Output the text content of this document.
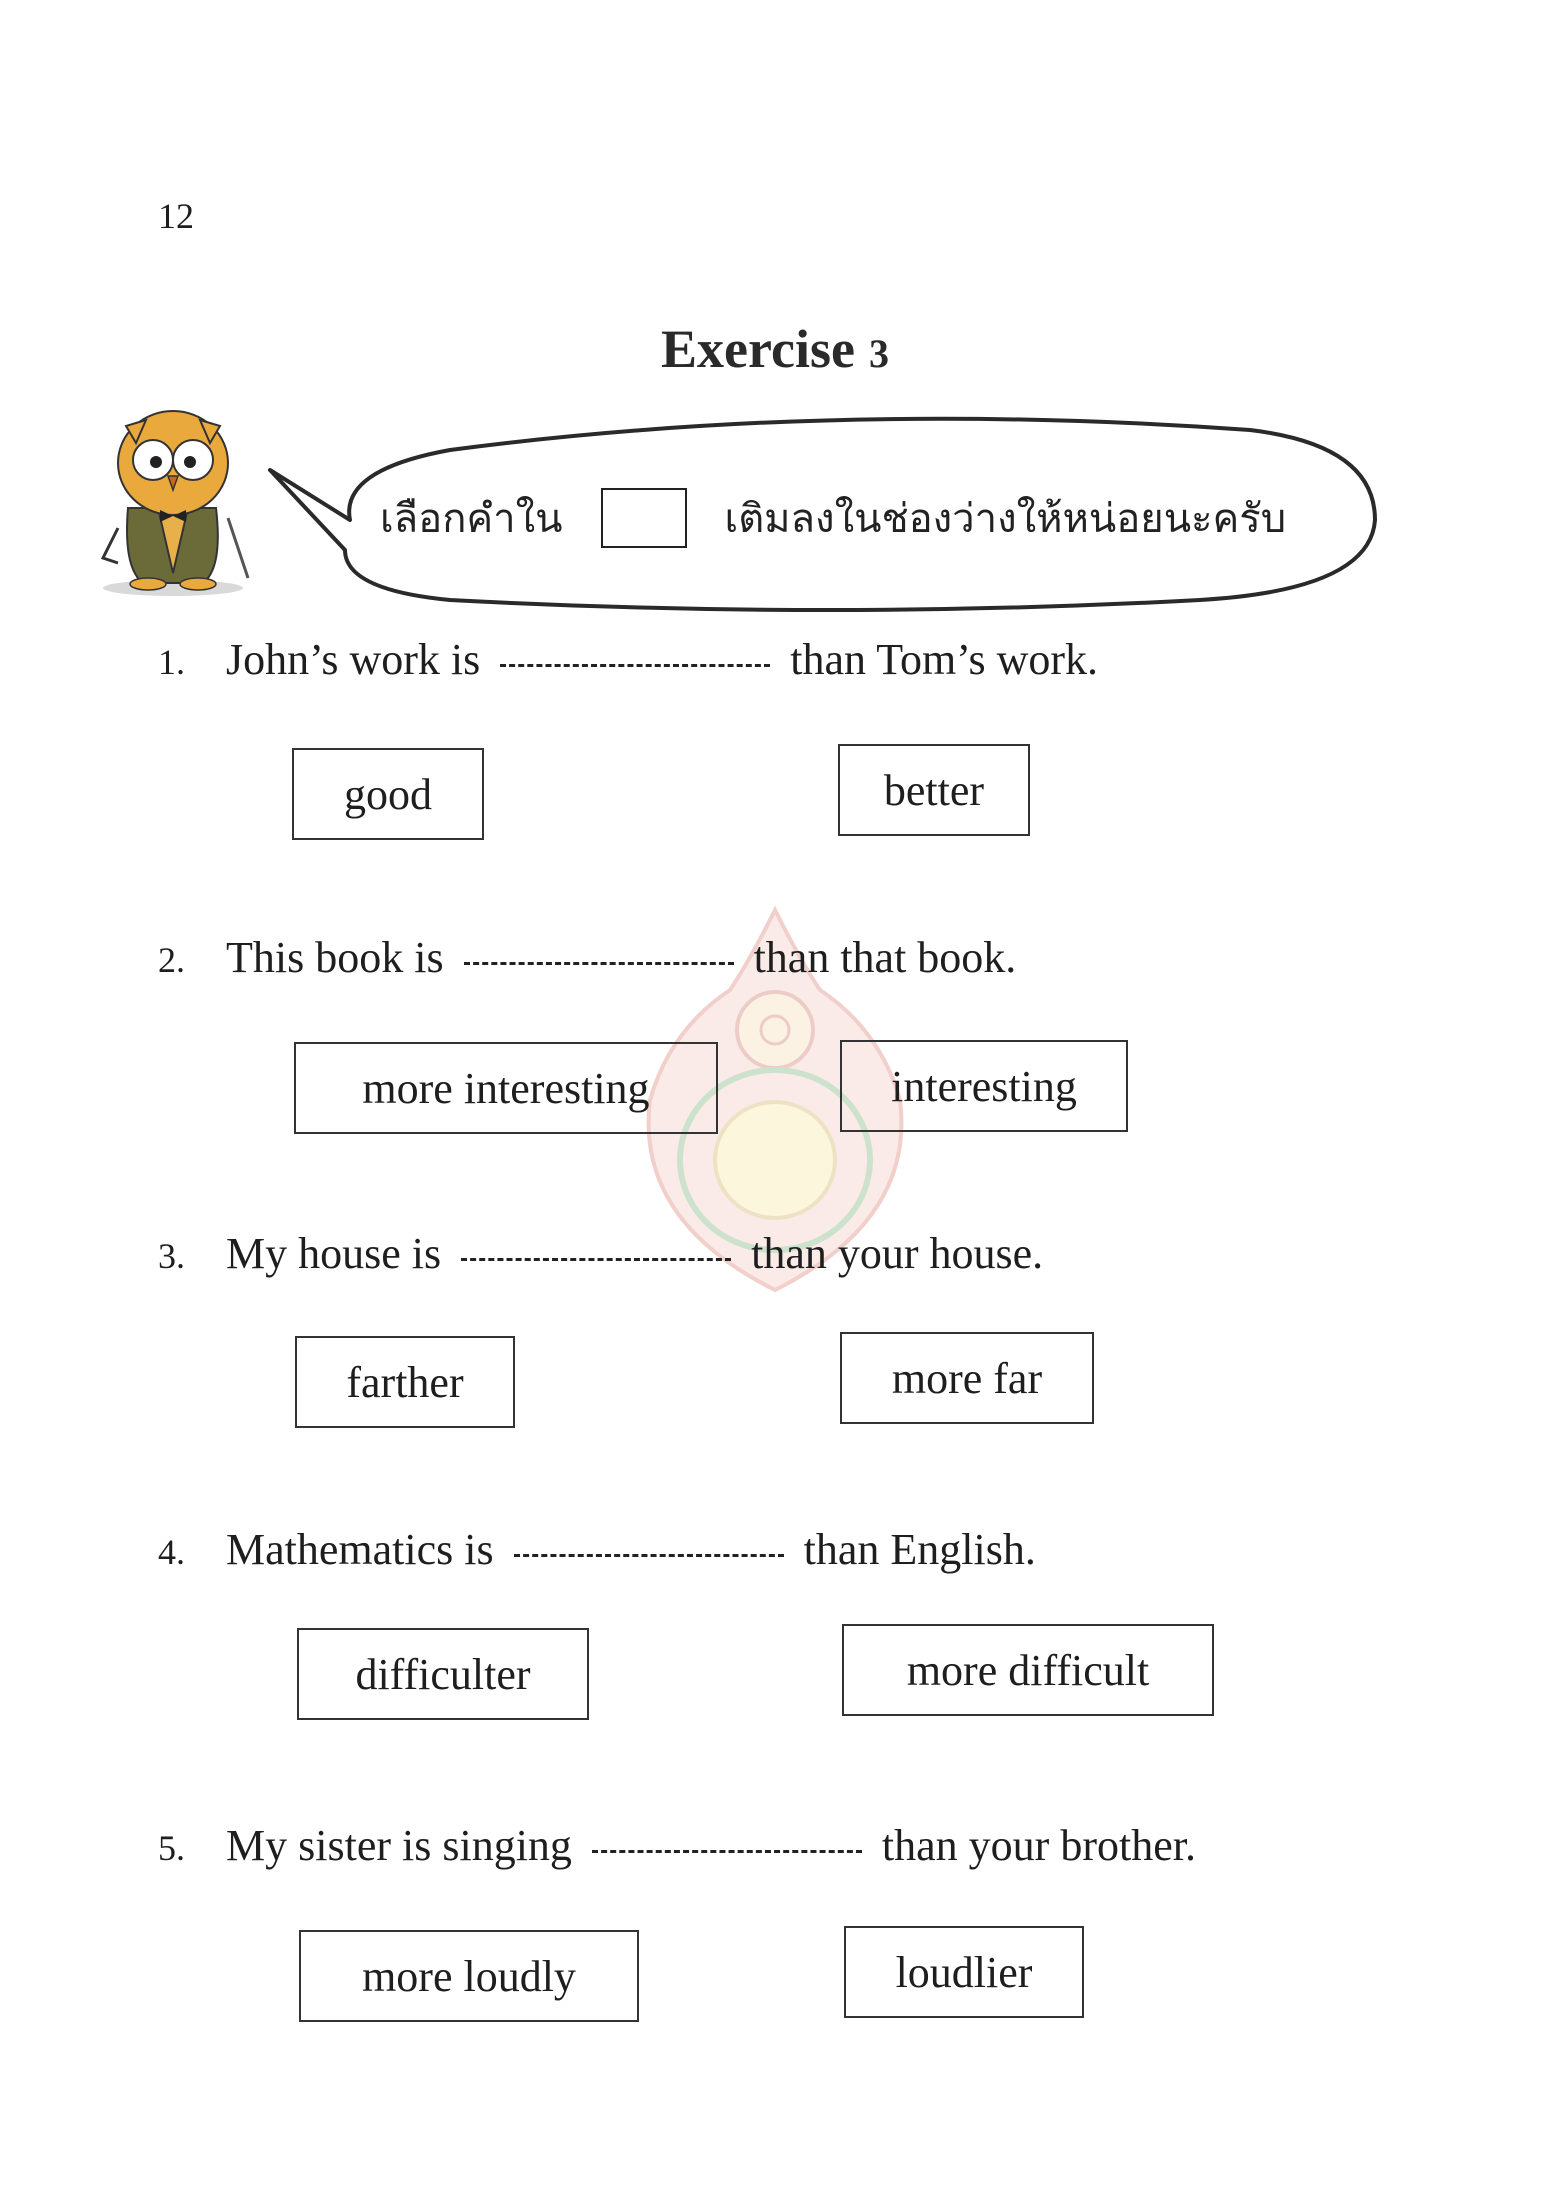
12
Exercise 3
เลือกคำใน	เติมลงในช่องว่างให้หน่อยนะครับ
1. John’s work is	than Tom’s work.
good	better
2. This book is	than that book.
more interesting	interesting
3. My house is	than your house.
farther	more far
4. Mathematics is	than English.
difficulter	more difficult
5. My sister is singing	than your brother.
more loudly	loudlier
